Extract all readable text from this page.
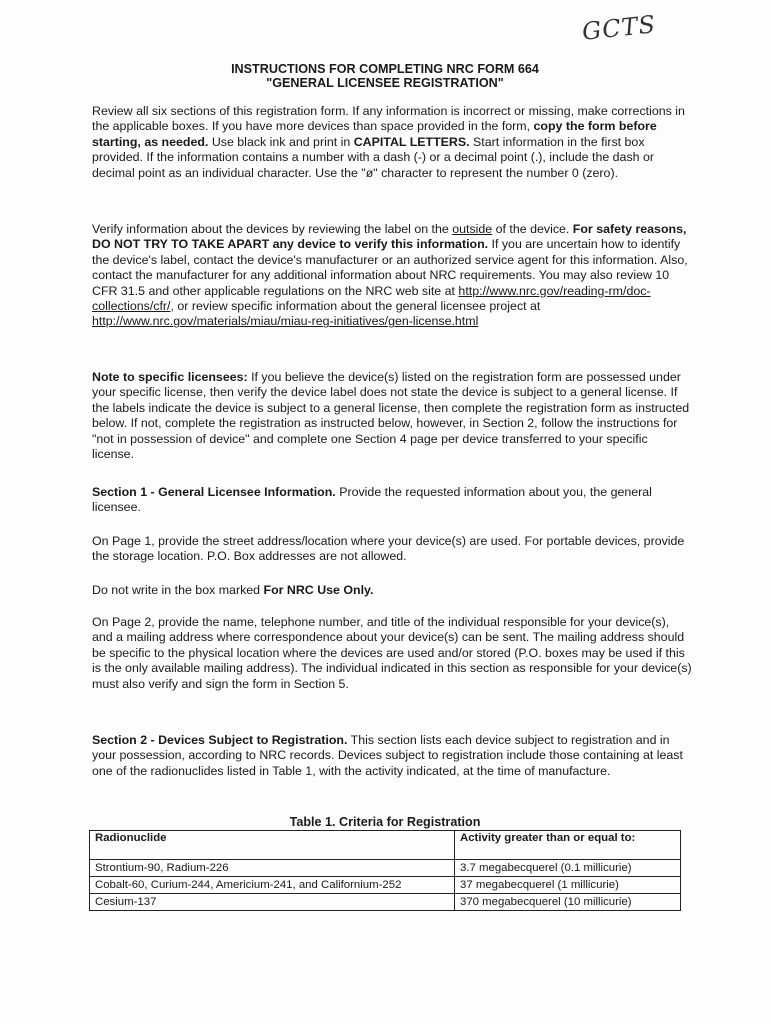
GCTS
INSTRUCTIONS FOR COMPLETING NRC FORM 664
"GENERAL LICENSEE REGISTRATION"

Review all six sections of this registration form. If any information is incorrect or missing, make corrections in the applicable boxes. If you have more devices than space provided in the form, copy the form before starting, as needed. Use black ink and print in CAPITAL LETTERS. Start information in the first box provided. If the information contains a number with a dash (-) or a decimal point (.), include the dash or decimal point as an individual character. Use the "ø" character to represent the number 0 (zero).

Verify information about the devices by reviewing the label on the outside of the device. For safety reasons, DO NOT TRY TO TAKE APART any device to verify this information. If you are uncertain how to identify the device's label, contact the device's manufacturer or an authorized service agent for this information. Also, contact the manufacturer for any additional information about NRC requirements. You may also review 10 CFR 31.5 and other applicable regulations on the NRC web site at http://www.nrc.gov/reading-rm/doc-collections/cfr/, or review specific information about the general licensee project at http://www.nrc.gov/materials/miau/miau-reg-initiatives/gen-license.html

Note to specific licensees: If you believe the device(s) listed on the registration form are possessed under your specific license, then verify the device label does not state the device is subject to a general license. If the labels indicate the device is subject to a general license, then complete the registration form as instructed below. If not, complete the registration as instructed below, however, in Section 2, follow the instructions for "not in possession of device" and complete one Section 4 page per device transferred to your specific license.

Section 1 - General Licensee Information. Provide the requested information about you, the general licensee.

On Page 1, provide the street address/location where your device(s) are used. For portable devices, provide the storage location. P.O. Box addresses are not allowed.

Do not write in the box marked For NRC Use Only.

On Page 2, provide the name, telephone number, and title of the individual responsible for your device(s), and a mailing address where correspondence about your device(s) can be sent. The mailing address should be specific to the physical location where the devices are used and/or stored (P.O. boxes may be used if this is the only available mailing address). The individual indicated in this section as responsible for your device(s) must also verify and sign the form in Section 5.

Section 2 - Devices Subject to Registration. This section lists each device subject to registration and in your possession, according to NRC records. Devices subject to registration include those containing at least one of the radionuclides listed in Table 1, with the activity indicated, at the time of manufacture.

Table 1. Criteria for Registration
Radionuclide	Activity greater than or equal to:
Strontium-90, Radium-226	3.7 megabecquerel (0.1 millicurie)
Cobalt-60, Curium-244, Americium-241, and Californium-252	37 megabecquerel (1 millicurie)
Cesium-137	370 megabecquerel (10 millicurie)
